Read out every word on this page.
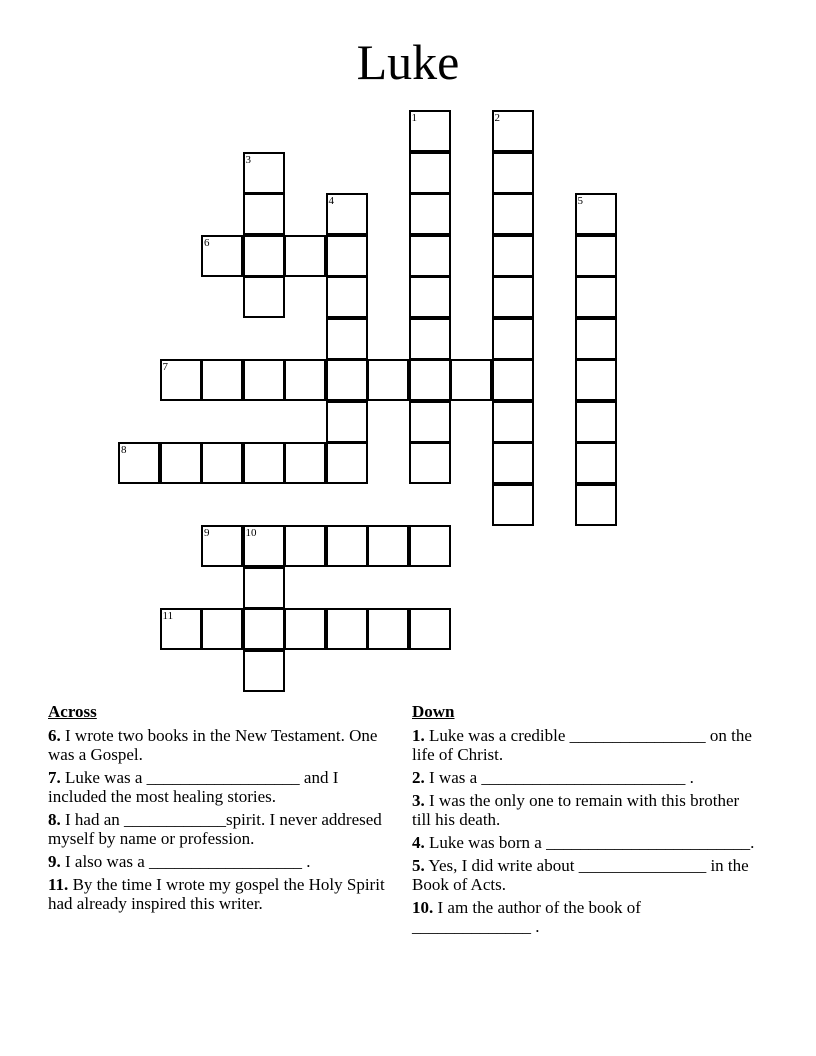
Luke
1	2
3
4	5
6
7
8
9	10
11
Across
6. I wrote two books in the New Testament. One was a Gospel.
7. Luke was a __________________ and I included the most healing stories.
8. I had an ____________spirit. I never addresed myself by name or profession.
9. I also was a __________________ .
11. By the time I wrote my gospel the Holy Spirit had already inspired this writer.
Down
1. Luke was a credible ________________ on the life of Christ.
2. I was a ________________________ .
3. I was the only one to remain with this brother till his death.
4. Luke was born a ________________________.
5. Yes, I did write about _______________ in the Book of Acts.
10. I am the author of the book of ______________ .
